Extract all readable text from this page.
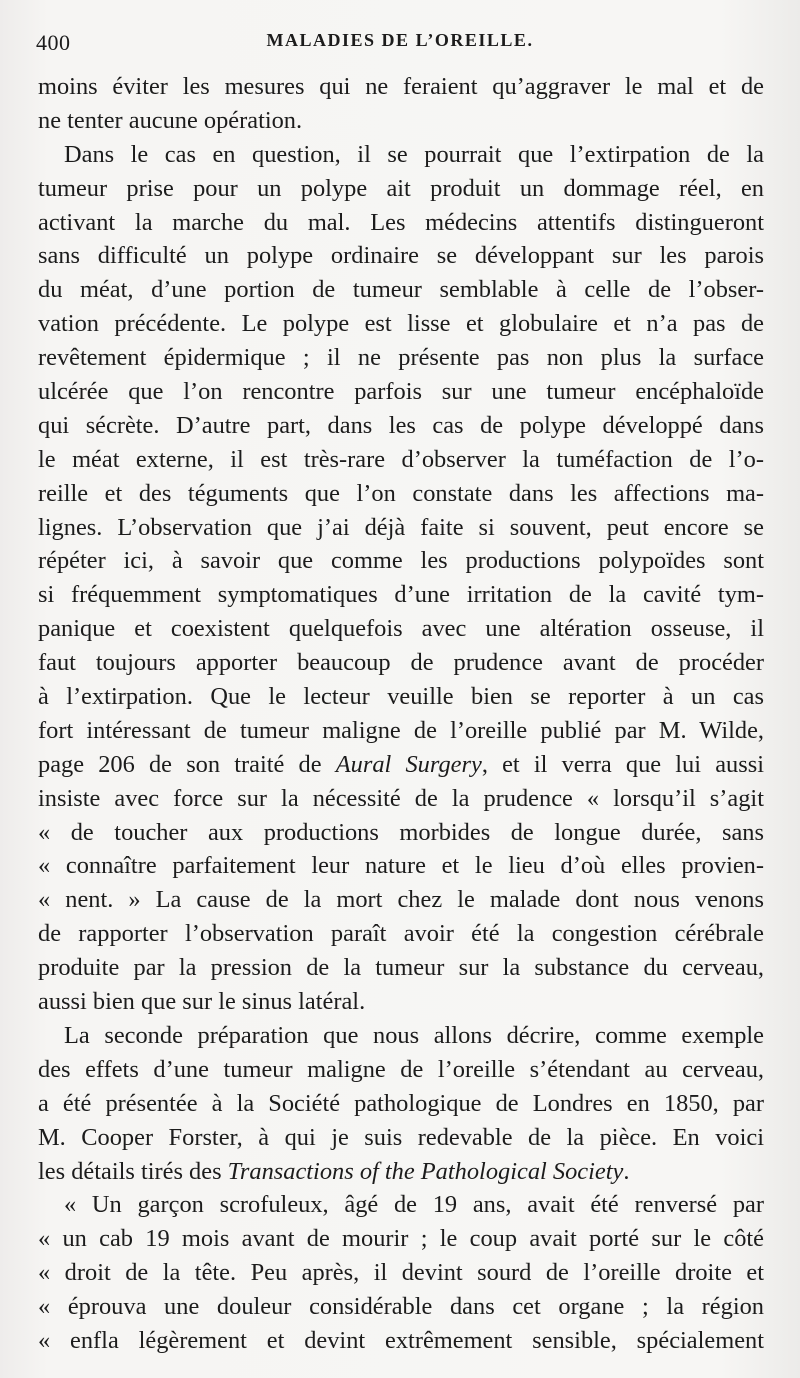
400	MALADIES DE L’OREILLE.
moins éviter les mesures qui ne feraient qu’aggraver le mal et de
ne tenter aucune opération.
Dans le cas en question, il se pourrait que l’extirpation de la
tumeur prise pour un polype ait produit un dommage réel, en
activant la marche du mal. Les médecins attentifs distingueront
sans difficulté un polype ordinaire se développant sur les parois
du méat, d’une portion de tumeur semblable à celle de l’obser-
vation précédente. Le polype est lisse et globulaire et n’a pas de
revêtement épidermique ; il ne présente pas non plus la surface
ulcérée que l’on rencontre parfois sur une tumeur encéphaloïde
qui sécrète. D’autre part, dans les cas de polype développé dans
le méat externe, il est très-rare d’observer la tuméfaction de l’o-
reille et des téguments que l’on constate dans les affections ma-
lignes. L’observation que j’ai déjà faite si souvent, peut encore se
répéter ici, à savoir que comme les productions polypoïdes sont
si fréquemment symptomatiques d’une irritation de la cavité tym-
panique et coexistent quelquefois avec une altération osseuse, il
faut toujours apporter beaucoup de prudence avant de procéder
à l’extirpation. Que le lecteur veuille bien se reporter à un cas
fort intéressant de tumeur maligne de l’oreille publié par M. Wilde,
page 206 de son traité de Aural Surgery, et il verra que lui aussi
insiste avec force sur la nécessité de la prudence « lorsqu’il s’agit
« de toucher aux productions morbides de longue durée, sans
« connaître parfaitement leur nature et le lieu d’où elles provien-
« nent. » La cause de la mort chez le malade dont nous venons
de rapporter l’observation paraît avoir été la congestion cérébrale
produite par la pression de la tumeur sur la substance du cerveau,
aussi bien que sur le sinus latéral.
La seconde préparation que nous allons décrire, comme exemple
des effets d’une tumeur maligne de l’oreille s’étendant au cerveau,
a été présentée à la Société pathologique de Londres en 1850, par
M. Cooper Forster, à qui je suis redevable de la pièce. En voici
les détails tirés des Transactions of the Pathological Society.
« Un garçon scrofuleux, âgé de 19 ans, avait été renversé par
« un cab 19 mois avant de mourir ; le coup avait porté sur le côté
« droit de la tête. Peu après, il devint sourd de l’oreille droite et
« éprouva une douleur considérable dans cet organe ; la région
« enfla légèrement et devint extrêmement sensible, spécialement
